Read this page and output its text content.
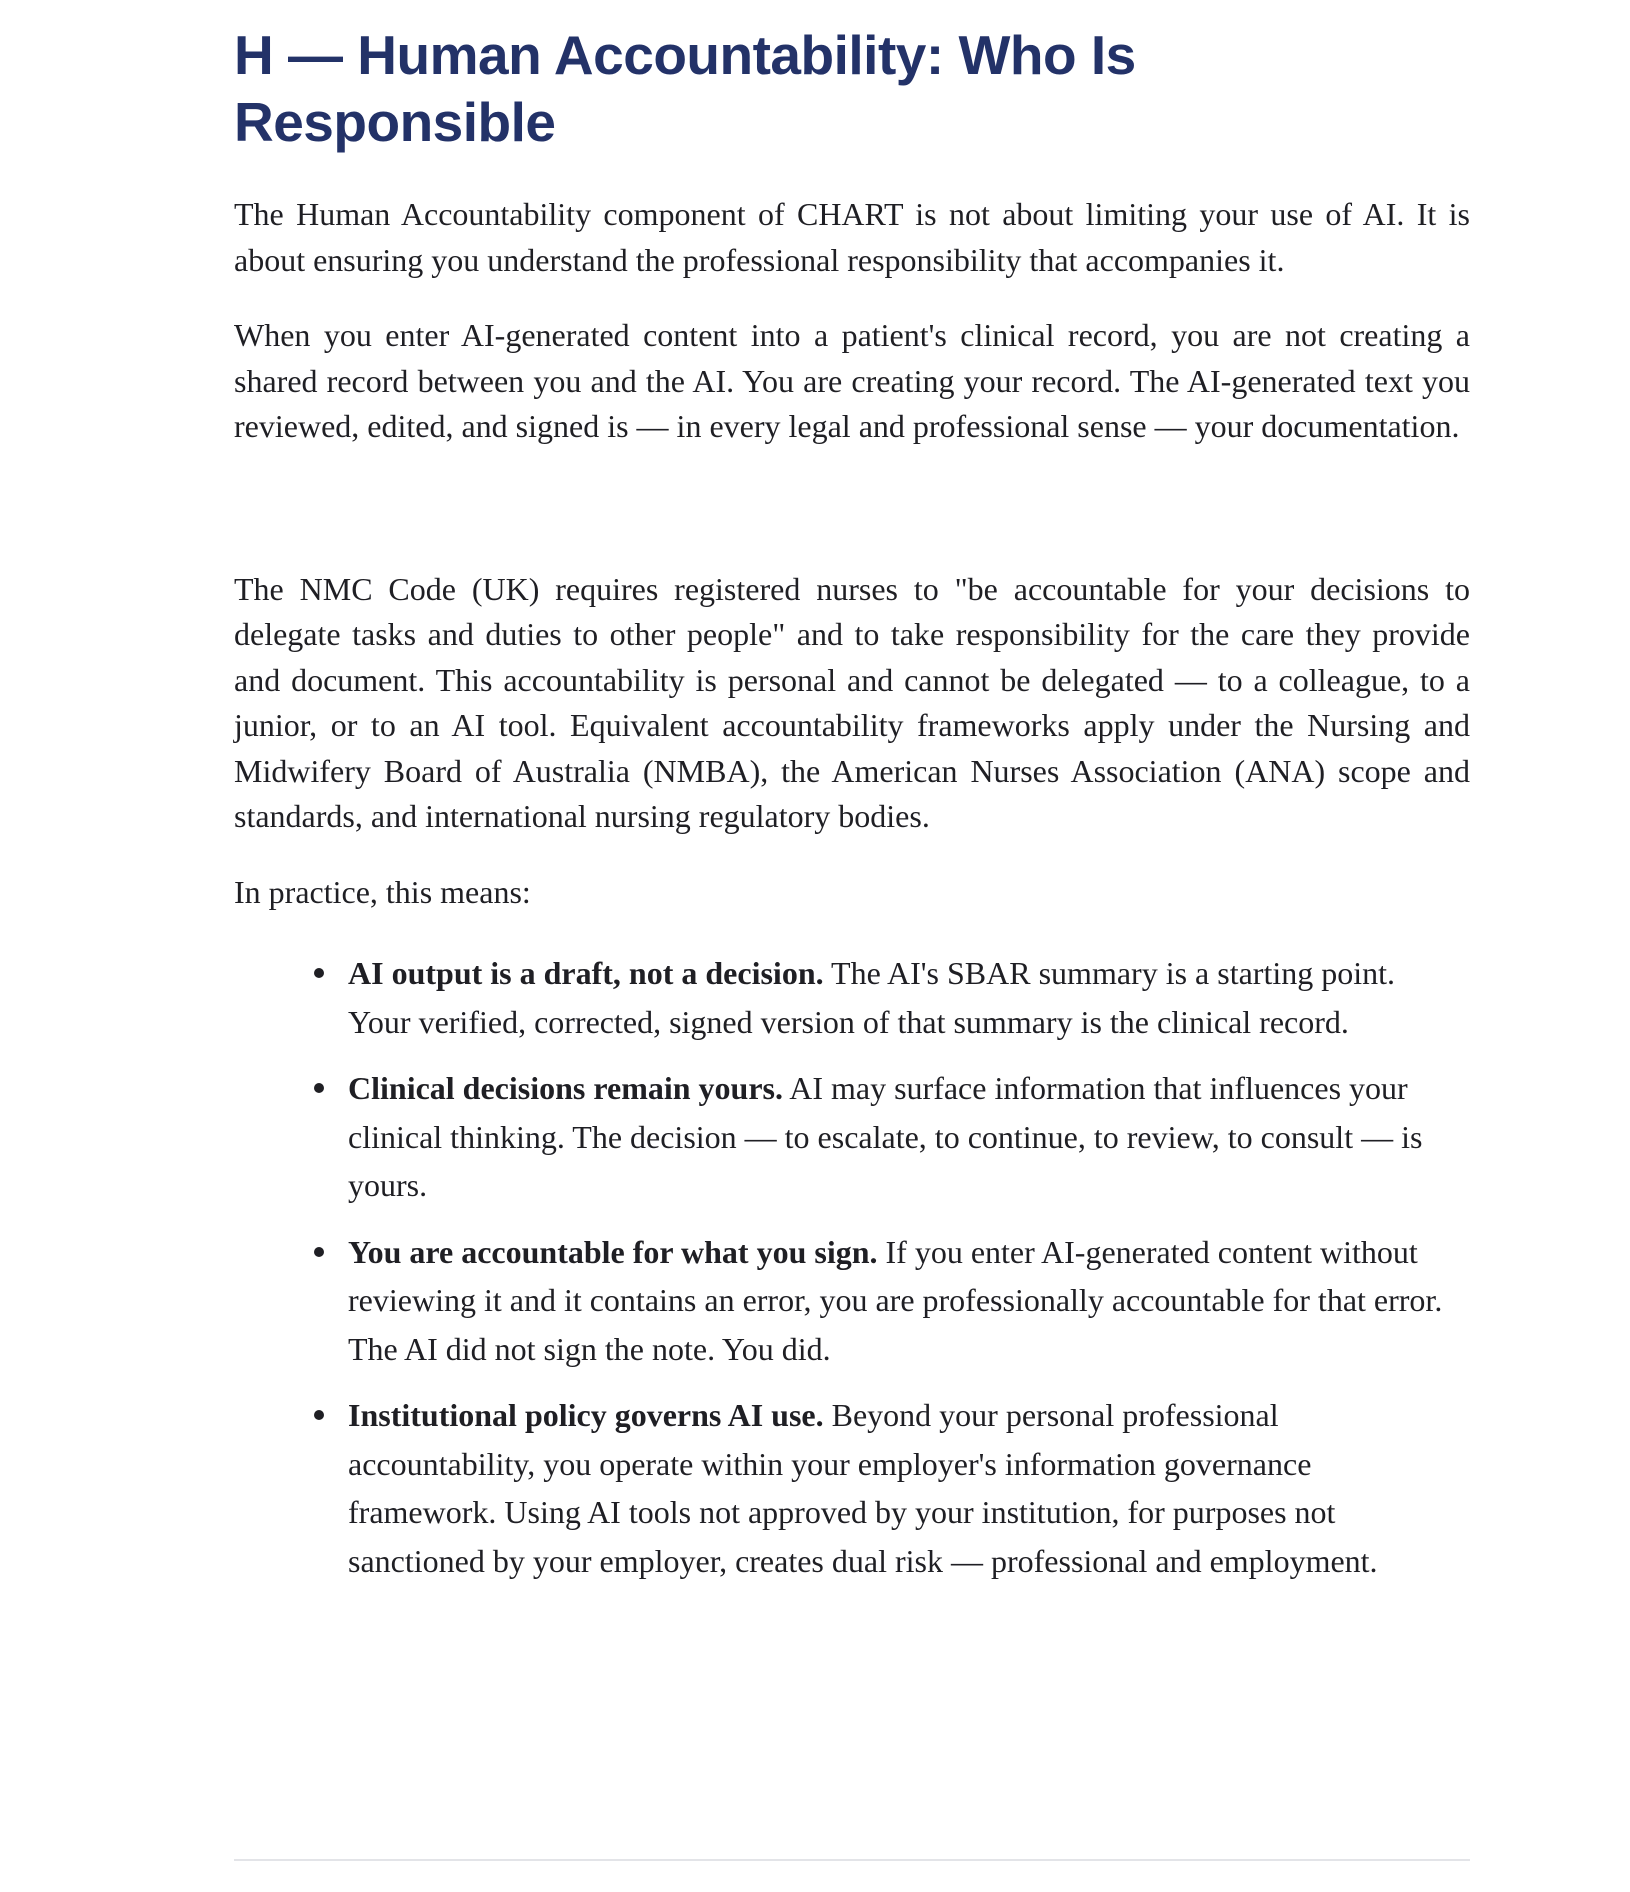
H — Human Accountability: Who Is Responsible

The Human Accountability component of CHART is not about limiting your use of AI. It is about ensuring you understand the professional responsibility that accompanies it.

When you enter AI-generated content into a patient's clinical record, you are not creating a shared record between you and the AI. You are creating your record. The AI-generated text you reviewed, edited, and signed is — in every legal and professional sense — your documentation.

The NMC Code (UK) requires registered nurses to "be accountable for your decisions to delegate tasks and duties to other people" and to take responsibility for the care they provide and document. This accountability is personal and cannot be delegated — to a colleague, to a junior, or to an AI tool. Equivalent accountability frameworks apply under the Nursing and Midwifery Board of Australia (NMBA), the American Nurses Association (ANA) scope and standards, and international nursing regulatory bodies.

In practice, this means:

AI output is a draft, not a decision. The AI's SBAR summary is a starting point. Your verified, corrected, signed version of that summary is the clinical record.
Clinical decisions remain yours. AI may surface information that influences your clinical thinking. The decision — to escalate, to continue, to review, to consult — is yours.
You are accountable for what you sign. If you enter AI-generated content without reviewing it and it contains an error, you are professionally accountable for that error. The AI did not sign the note. You did.
Institutional policy governs AI use. Beyond your personal professional accountability, you operate within your employer's information governance framework. Using AI tools not approved by your institution, for purposes not sanctioned by your employer, creates dual risk — professional and employment.
